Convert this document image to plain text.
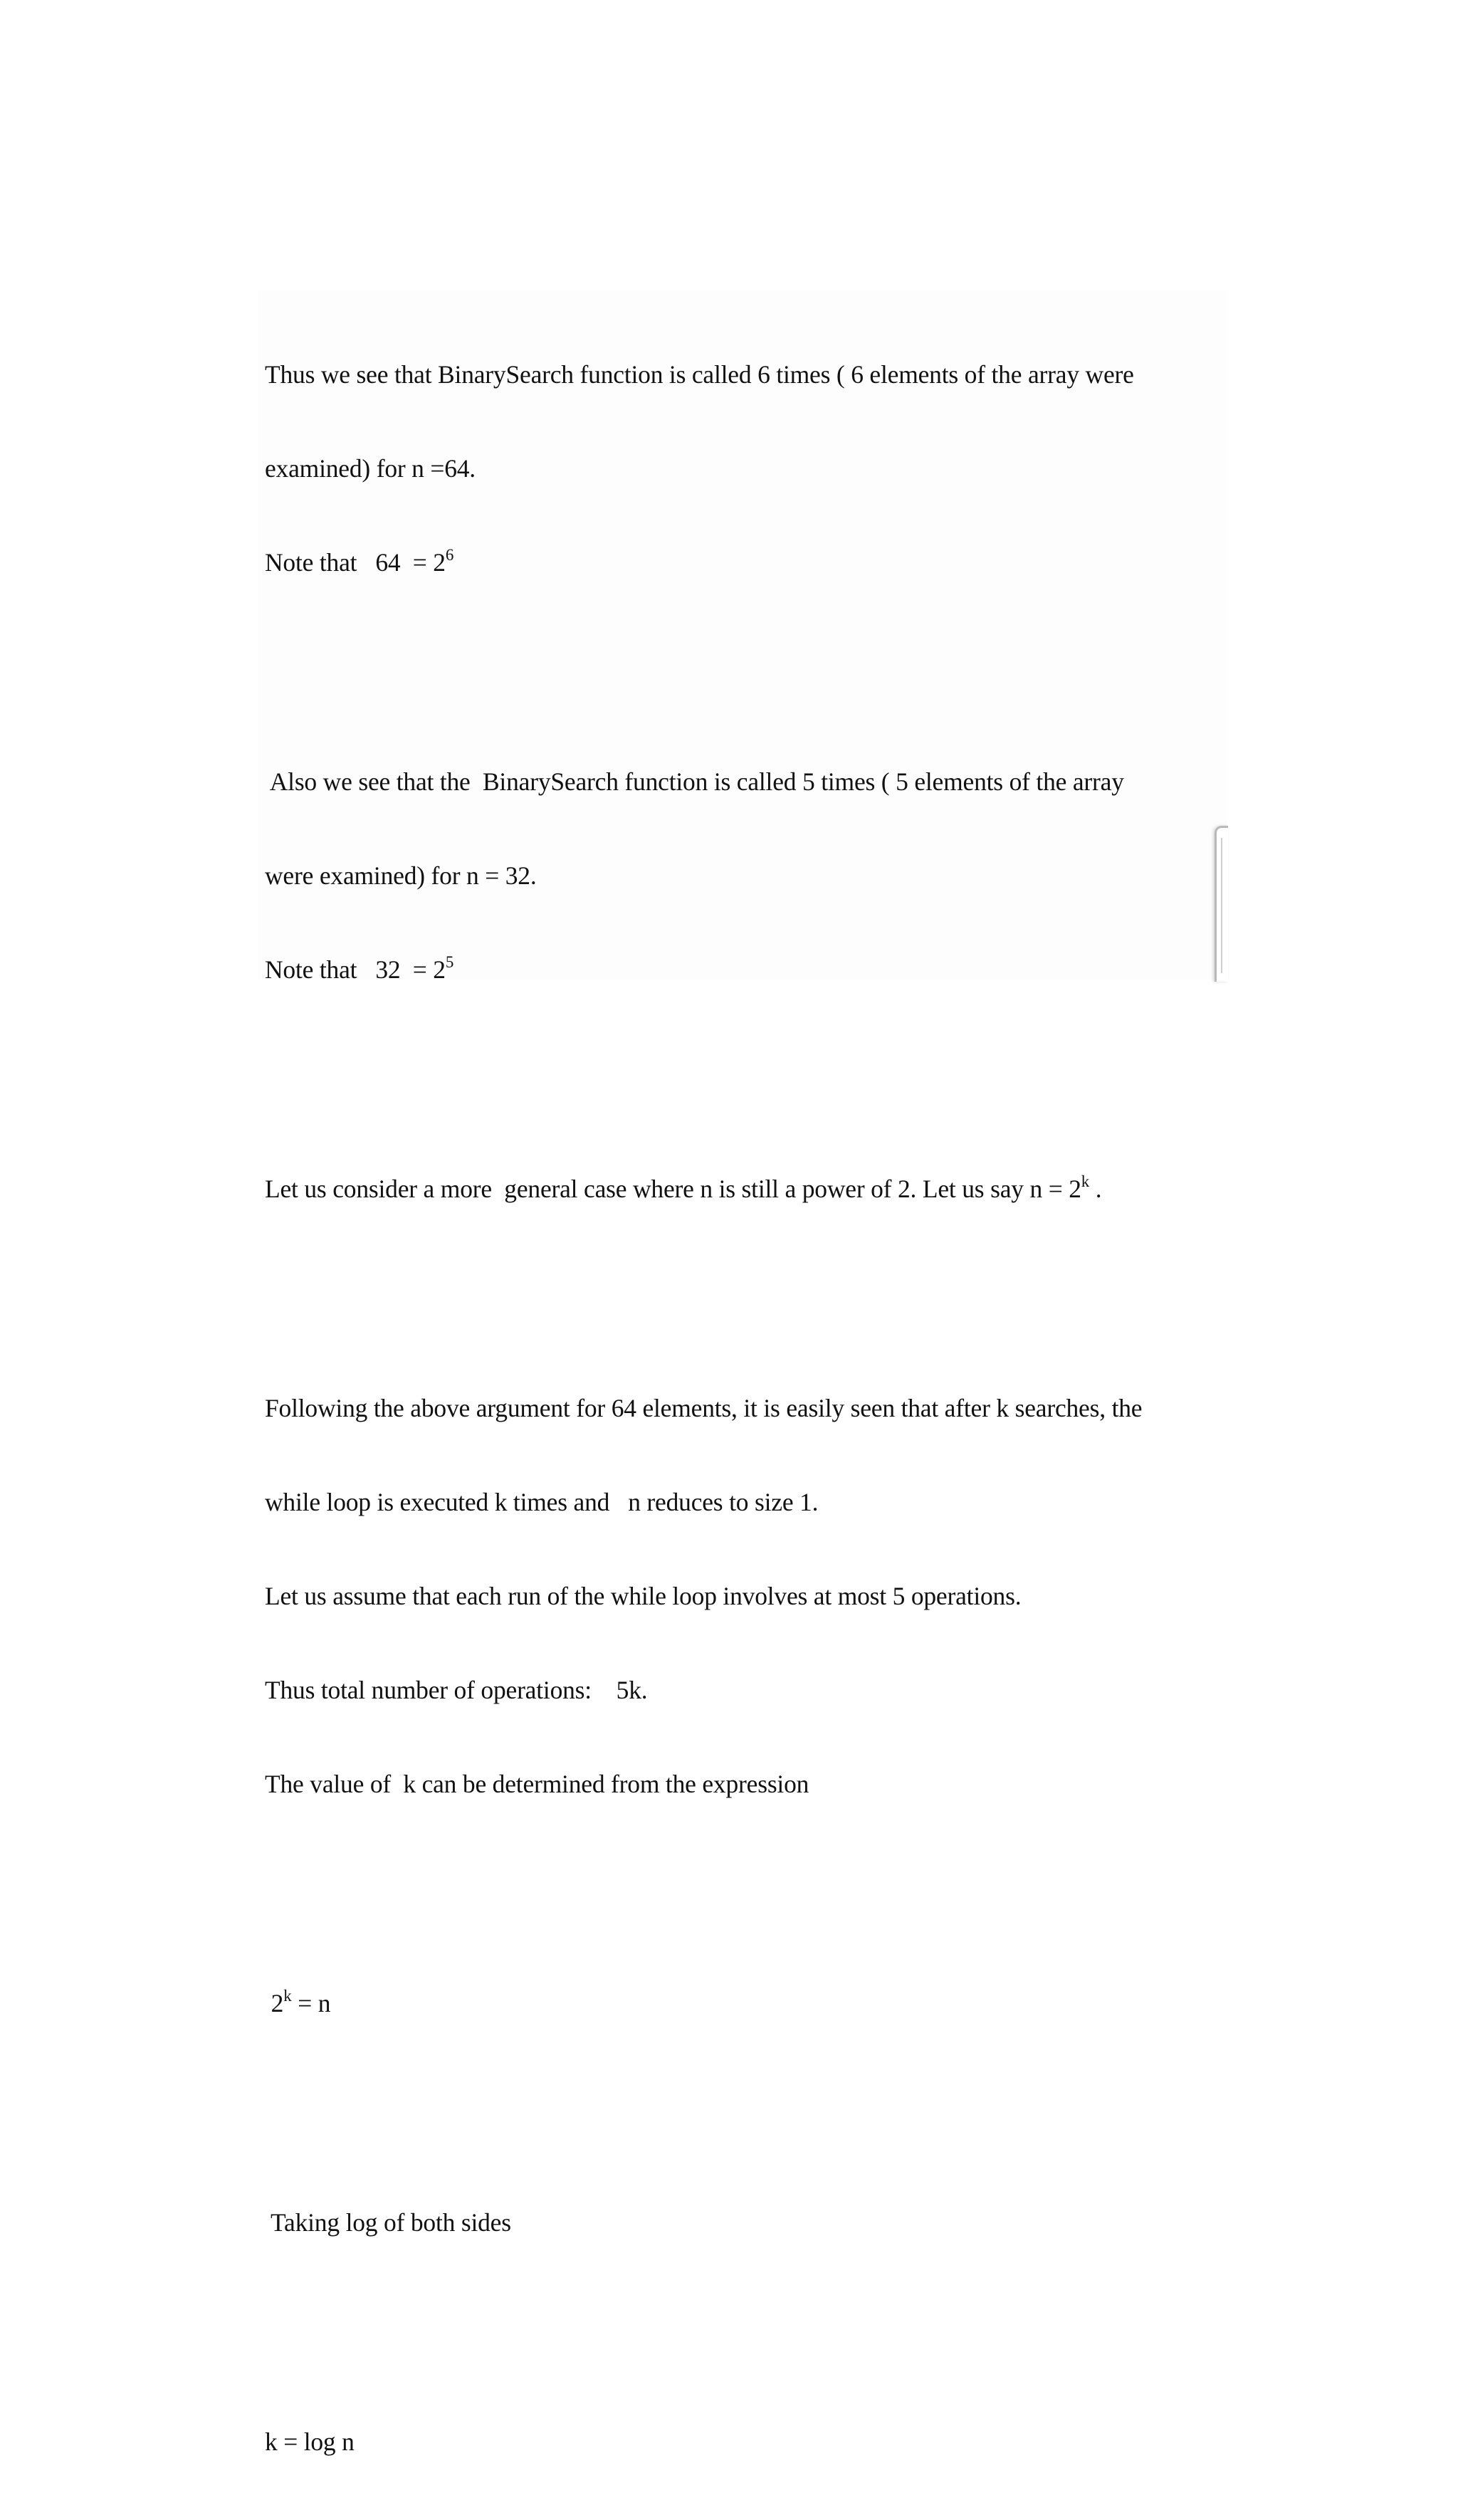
Thus we see that BinarySearch function is called 6 times ( 6 elements of the array were

examined) for n =64.

Note that   $64 = 2^6$

Also we see that the  BinarySearch function is called 5 times ( 5 elements of the array

were examined) for n = 32.

Note that   $32 = 2^5$

Let us consider a more  general case where n is still a power of 2. Let us say $n = 2^k$ .

Following the above argument for 64 elements, it is easily seen that after k searches, the

while loop is executed k times and   n reduces to size 1.

Let us assume that each run of the while loop involves at most 5 operations.

Thus total number of operations:    5k.

The value of  k can be determined from the expression

$2^k = n$

Taking log of both sides

k = log n
